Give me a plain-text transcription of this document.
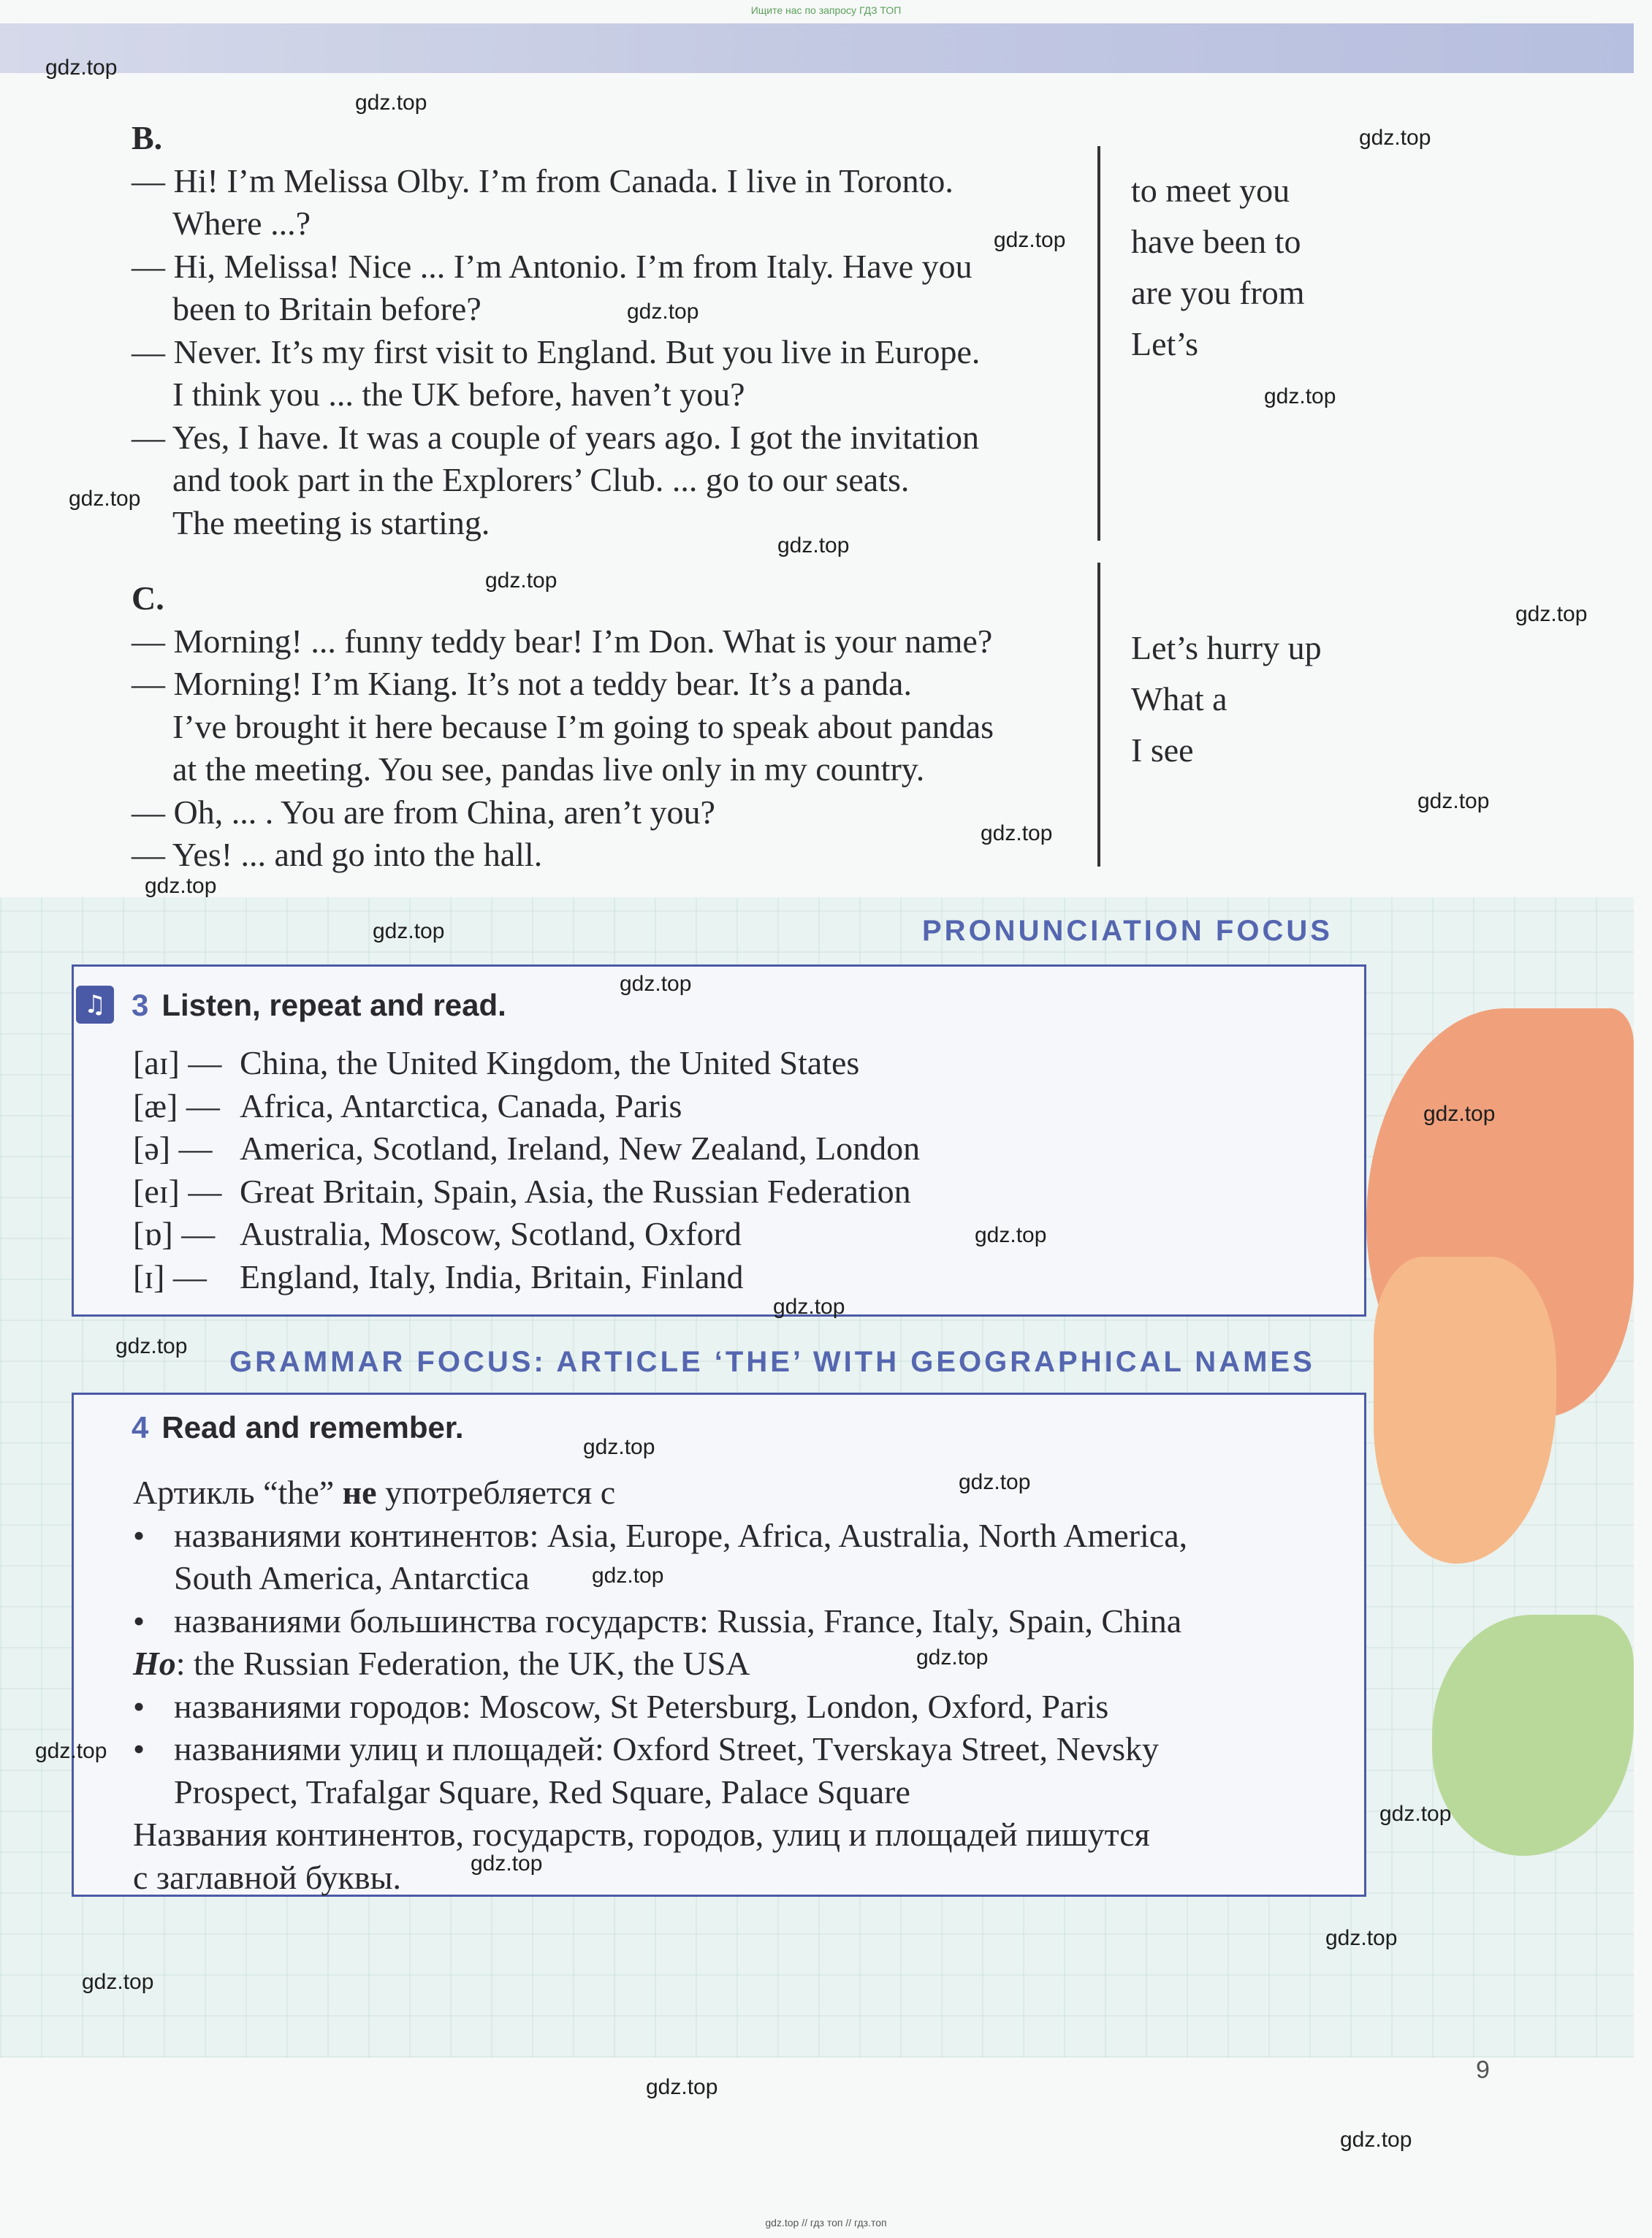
Ищите нас по запросу ГДЗ ТОП
B.
— Hi! I’m Melissa Olby. I’m from Canada. I live in Toronto.
Where ...?
— Hi, Melissa! Nice ... I’m Antonio. I’m from Italy. Have you
been to Britain before?
— Never. It’s my first visit to England. But you live in Europe.
I think you ... the UK before, haven’t you?
— Yes, I have. It was a couple of years ago. I got the invitation
and took part in the Explorers’ Club. ... go to our seats.
The meeting is starting.
to meet you
have been to
are you from
Let’s
C.
— Morning! ... funny teddy bear! I’m Don. What is your name?
— Morning! I’m Kiang. It’s not a teddy bear. It’s a panda.
I’ve brought it here because I’m going to speak about pandas
at the meeting. You see, pandas live only in my country.
— Oh, ... . You are from China, aren’t you?
— Yes! ... and go into the hall.
Let’s hurry up
What a
I see
PRONUNCIATION FOCUS
♫ 3 Listen, repeat and read.
[aɪ] — China, the United Kingdom, the United States
[æ] — Africa, Antarctica, Canada, Paris
[ə] — America, Scotland, Ireland, New Zealand, London
[eɪ] — Great Britain, Spain, Asia, the Russian Federation
[ɒ] — Australia, Moscow, Scotland, Oxford
[ɪ] — England, Italy, India, Britain, Finland
GRAMMAR FOCUS: ARTICLE ‘THE’ WITH GEOGRAPHICAL NAMES
4 Read and remember.
Артикль “the” не употребляется с
• названиями континентов: Asia, Europe, Africa, Australia, North America,
South America, Antarctica
• названиями большинства государств: Russia, France, Italy, Spain, China
Но: the Russian Federation, the UK, the USA
• названиями городов: Moscow, St Petersburg, London, Oxford, Paris
• названиями улиц и площадей: Oxford Street, Tverskaya Street, Nevsky
Prospect, Trafalgar Square, Red Square, Palace Square
Названия континентов, государств, городов, улиц и площадей пишутся
с заглавной буквы.
9
gdz.top // гдз топ // гдз.топ
gdz.top
gdz.top
gdz.top
gdz.top
gdz.top
gdz.top
gdz.top
gdz.top
gdz.top
gdz.top
gdz.top
gdz.top
gdz.top
gdz.top
gdz.top
gdz.top
gdz.top
gdz.top
gdz.top
gdz.top
gdz.top
gdz.top
gdz.top
gdz.top
gdz.top
gdz.top
gdz.top
gdz.top
gdz.top
gdz.top
